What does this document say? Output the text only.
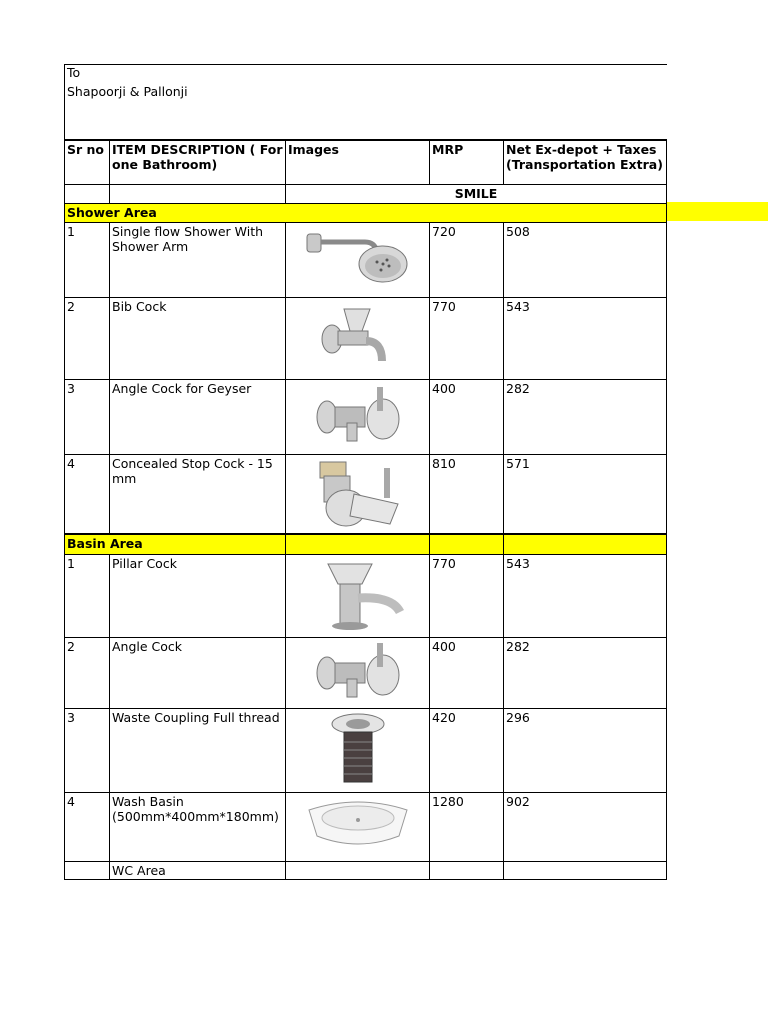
To
Shapoorji & Pallonji
Sr no	ITEM DESCRIPTION ( For one Bathroom)	Images	MRP	Net Ex-depot + Taxes (Transportation Extra)
		SMILE		
Shower Area				
1	Single flow Shower With Shower Arm		720	508
2	Bib Cock		770	543
3	Angle Cock for Geyser		400	282
4	Concealed Stop Cock - 15 mm		810	571
Basin Area				
1	Pillar Cock		770	543
2	Angle Cock		400	282
3	Waste Coupling Full thread		420	296
4	Wash Basin (500mm*400mm*180mm)		1280	902
	WC Area			
